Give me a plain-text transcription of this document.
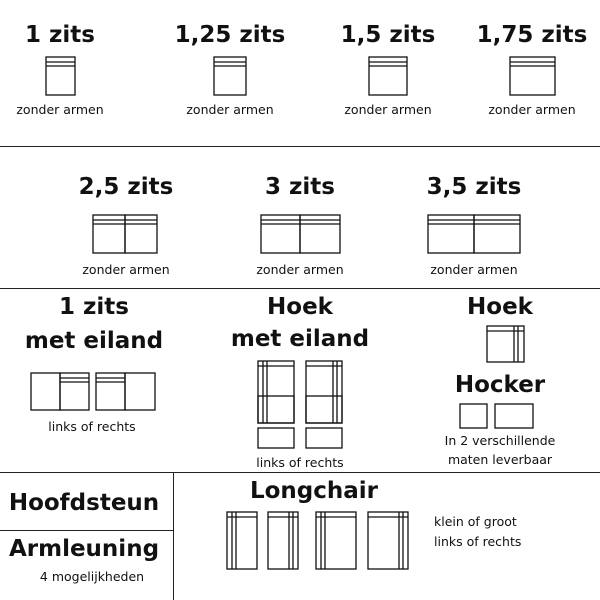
1 zits	1,25 zits 1,5 zits 1,75 zits
zonder armen	zonder armen	zonder armen	zonder armen
2,5 zits	3 zits	3,5 zits
zonder armen	zonder armen	zonder armen
1 zits
met eiland
links of rechts
Hoek
met eiland
links of rechts
Hoek
Hocker
In 2 verschillende
maten leverbaar
Hoofdsteun
Armleuning
4 mogelijkheden
Longchair
klein of groot
links of rechts
